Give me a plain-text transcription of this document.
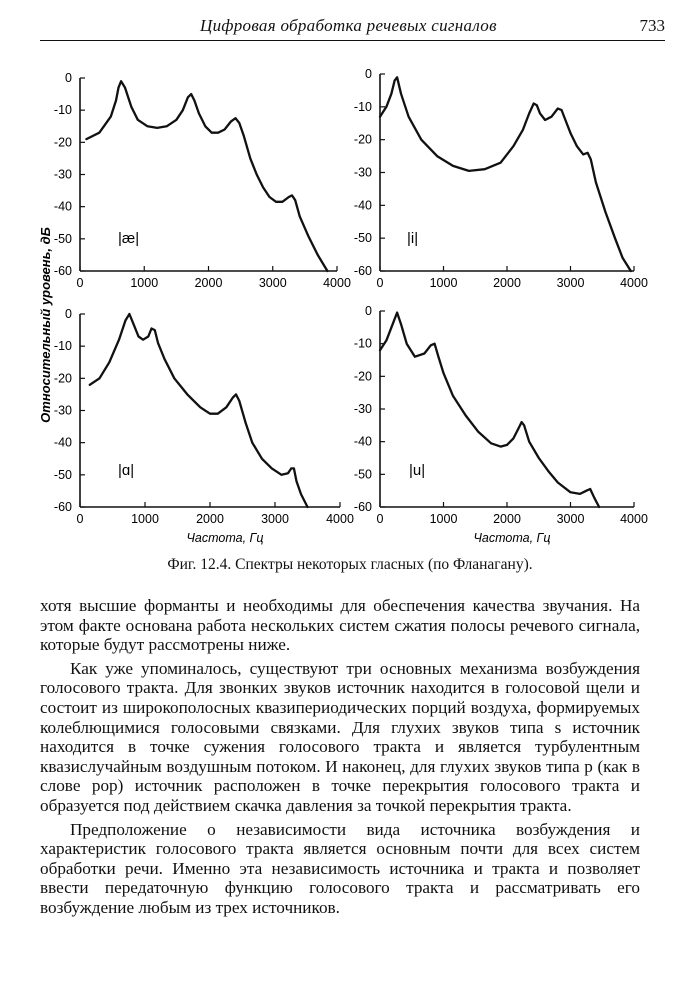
Цифровая обработка речевых сигналов	733
Относительный уровень, дБ
0
-10
-20
-30
-40
-50
-60
0	1000	2000	3000	4000
|æ|
0
-10
-20
-30
-40
-50
-60
0	1000	2000	3000	4000
|i|
0
-10
-20
-30
-40
-50
-60
0	1000	2000	3000	4000
|ɑ|
0
-10
-20
-30
-40
-50
-60
0	1000	2000	3000	4000
|u|
Частота, Гц	Частота, Гц
Фиг. 12.4. Спектры некоторых гласных (по Фланагану).

хотя высшие форманты и необходимы для обеспечения качества звучания. На этом факте основана работа нескольких систем сжатия полосы речевого сигнала, которые будут рассмотрены ниже.

Как уже упоминалось, существуют три основных механизма возбуждения голосового тракта. Для звонких звуков источник находится в голосовой щели и состоит из широкополосных квазипериодических порций воздуха, формируемых колеблющимися голосовыми связками. Для глухих звуков типа s источник находится в точке сужения голосового тракта и является турбулентным квазислучайным воздушным потоком. И наконец, для глухих звуков типа p (как в слове pop) источник расположен в точке перекрытия голосового тракта и образуется под действием скачка давления за точкой перекрытия тракта.

Предположение о независимости вида источника возбуждения и характеристик голосового тракта является основным почти для всех систем обработки речи. Именно эта независимость источника и тракта и позволяет ввести передаточную функцию голосового тракта и рассматривать его возбуждение любым из трех источников.
